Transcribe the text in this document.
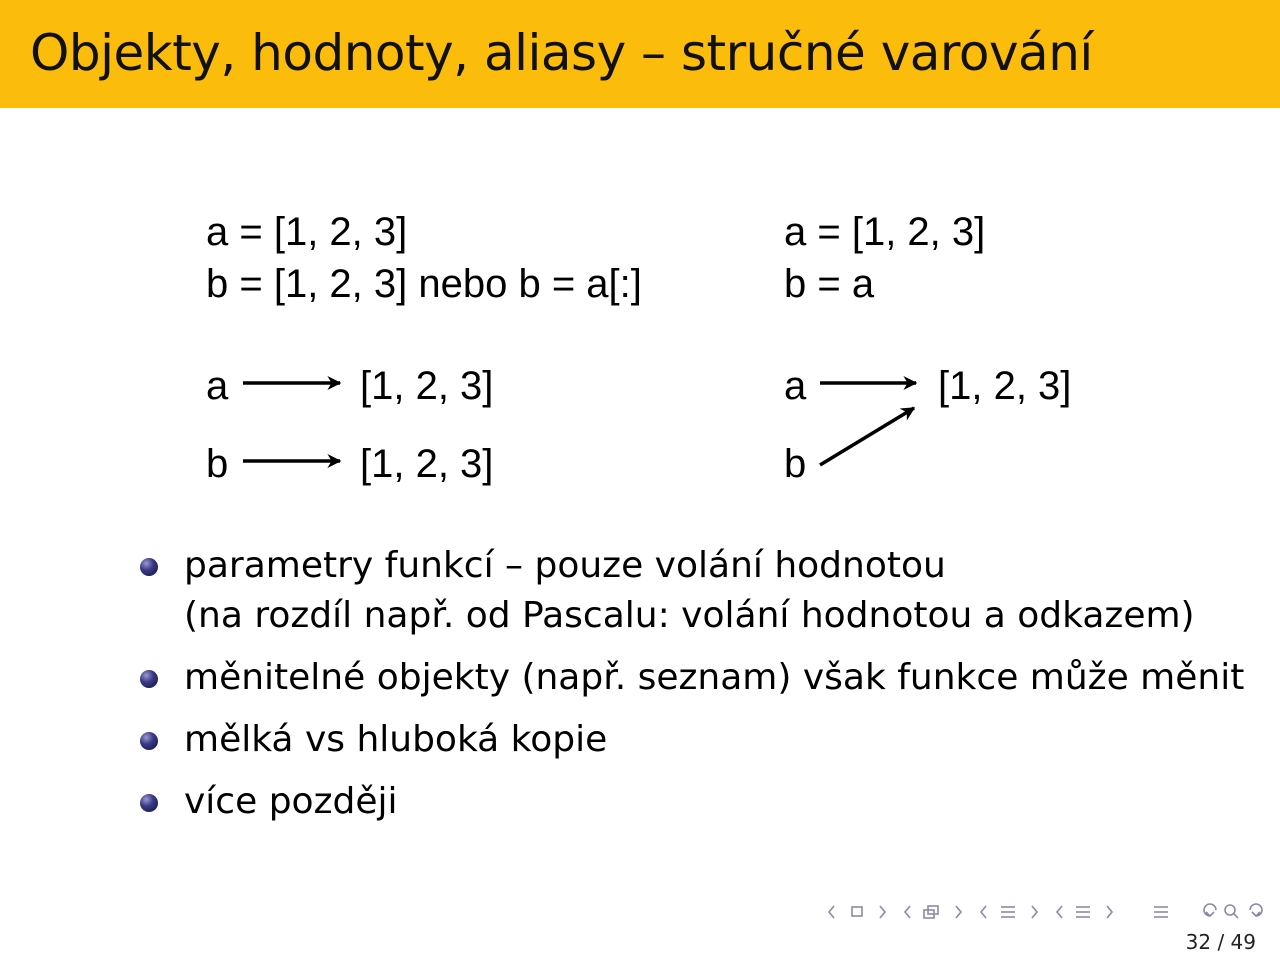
Objekty, hodnoty, aliasy – stručné varování
a = [1, 2, 3]
b = [1, 2, 3] nebo b = a[:]
a
b
[1, 2, 3]
[1, 2, 3]
a = [1, 2, 3]
b = a
a
b
[1, 2, 3]
parametry funkcí – pouze volání hodnotou
(na rozdíl např. od Pascalu: volání hodnotou a odkazem)
měnitelné objekty (např. seznam) však funkce může měnit
mělká vs hluboká kopie
více později
32 / 49
